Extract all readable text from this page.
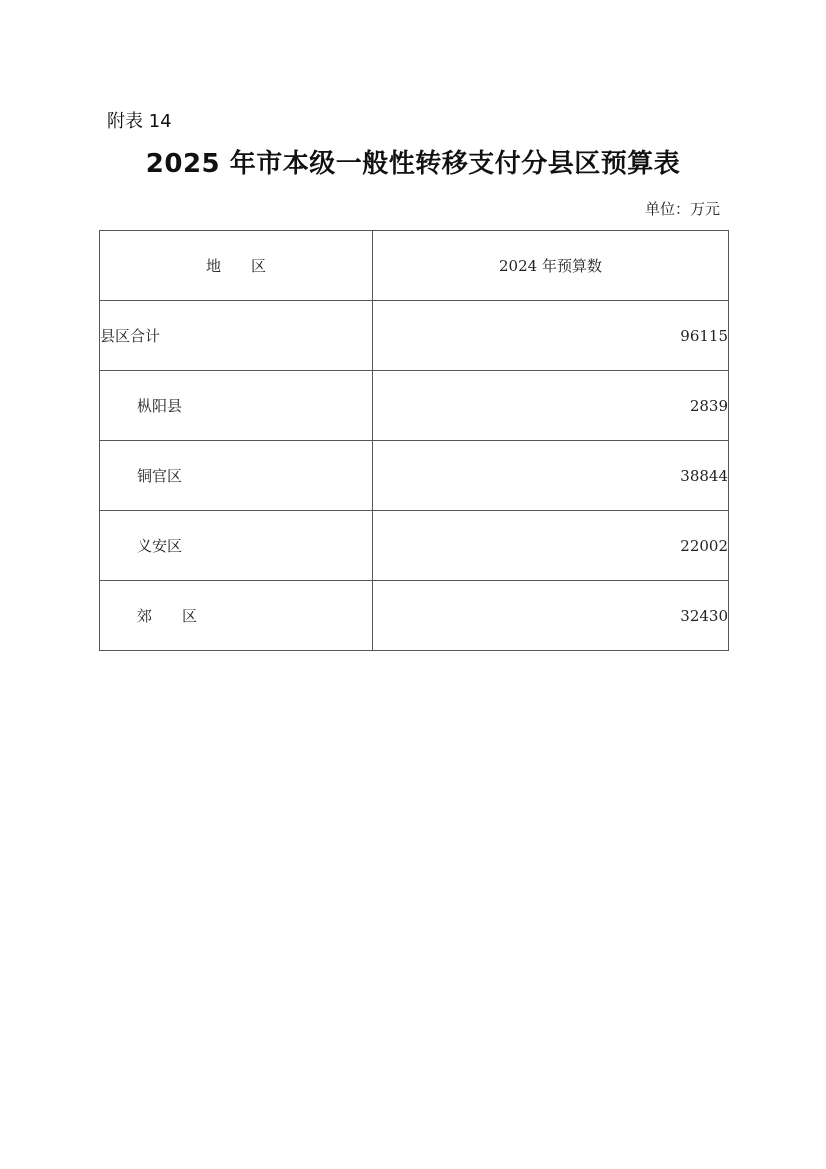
附表 14
2025 年市本级一般性转移支付分县区预算表
单位：万元
地区	2024 年预算数
县区合计	96115
枞阳县	2839
铜官区	38844
义安区	22002
郊区	32430
